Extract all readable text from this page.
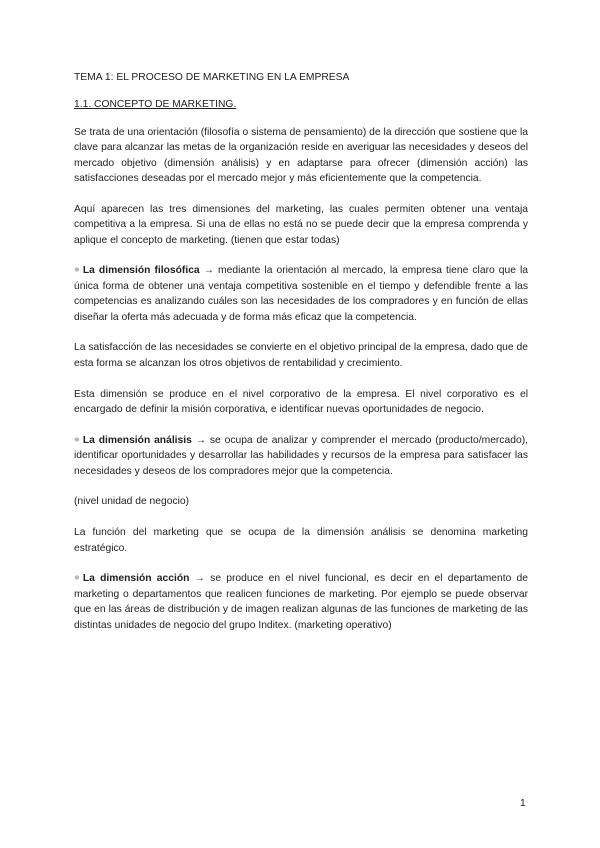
TEMA 1: EL PROCESO DE MARKETING EN LA EMPRESA
1.1. CONCEPTO DE MARKETING.

Se trata de una orientación (filosofía o sistema de pensamiento) de la dirección que sostiene que la clave para alcanzar las metas de la organización reside en averiguar las necesidades y deseos del mercado objetivo (dimensión análisis) y en adaptarse para ofrecer (dimensión acción) las satisfacciones deseadas por el mercado mejor y más eficientemente que la competencia.

Aquí aparecen las tres dimensiones del marketing, las cuales permiten obtener una ventaja competitiva a la empresa. Si una de ellas no está no se puede decir que la empresa comprenda y aplique el concepto de marketing. (tienen que estar todas)

❅ La dimensión filosófica → mediante la orientación al mercado, la empresa tiene claro que la única forma de obtener una ventaja competitiva sostenible en el tiempo y defendible frente a las competencias es analizando cuáles son las necesidades de los compradores y en función de ellas diseñar la oferta más adecuada y de forma más eficaz que la competencia.

La satisfacción de las necesidades se convierte en el objetivo principal de la empresa, dado que de esta forma se alcanzan los otros objetivos de rentabilidad y crecimiento.

Esta dimensión se produce en el nivel corporativo de la empresa. El nivel corporativo es el encargado de definir la misión corporativa, e identificar nuevas oportunidades de negocio.

❅ La dimensión análisis → se ocupa de analizar y comprender el mercado (producto/mercado), identificar oportunidades y desarrollar las habilidades y recursos de la empresa para satisfacer las necesidades y deseos de los compradores mejor que la competencia.

(nivel unidad de negocio)

La función del marketing que se ocupa de la dimensión análisis se denomina marketing estratégico.

❅ La dimensión acción → se produce en el nivel funcional, es decir en el departamento de marketing o departamentos que realicen funciones de marketing. Por ejemplo se puede observar que en las áreas de distribución y de imagen realizan algunas de las funciones de marketing de las distintas unidades de negocio del grupo Inditex. (marketing operativo)

1
